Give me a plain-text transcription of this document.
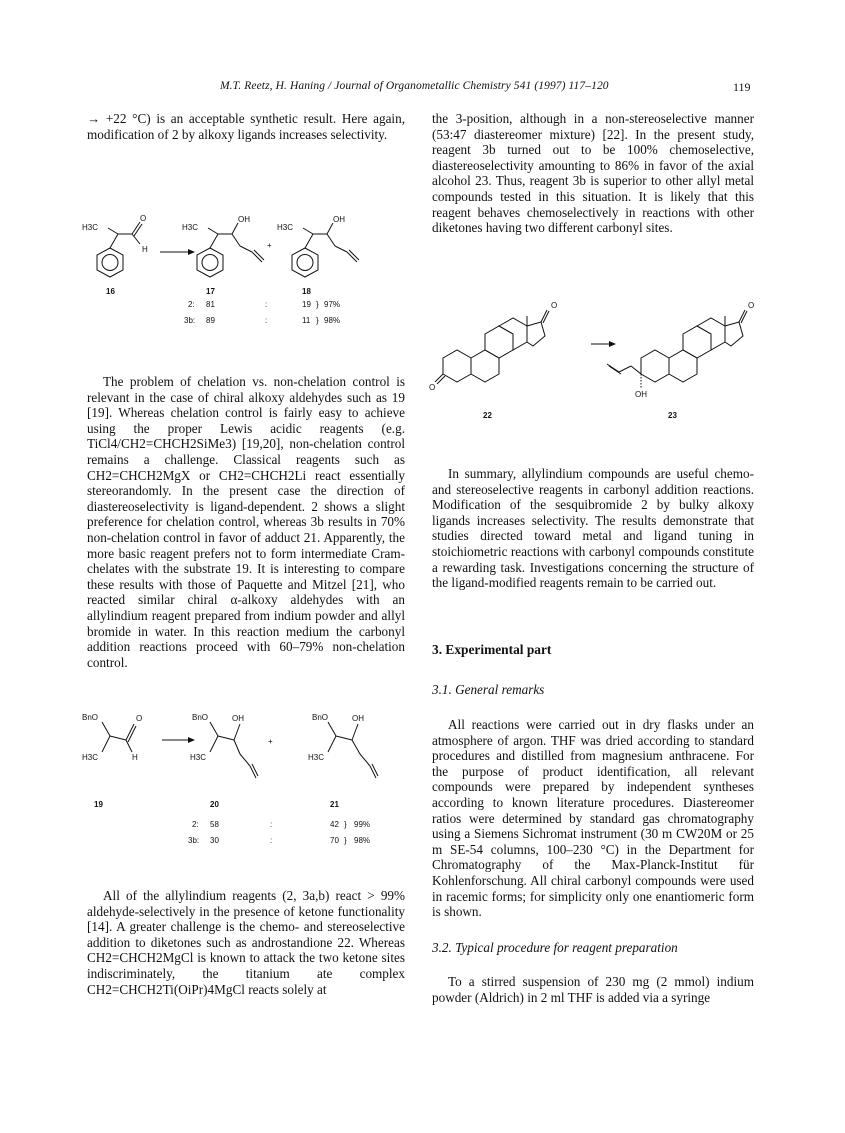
M.T. Reetz, H. Haning / Journal of Organometallic Chemistry 541 (1997) 117–120	119

→ +22 °C) is an acceptable synthetic result. Here again, modification of 2 by alkoxy ligands increases selectivity.

H3C
O
H
H3C
OH
+
H3C
OH
16	17	18
2: 81	:	19 } 97%
3b: 89	:	11 } 98%

The problem of chelation vs. non-chelation control is relevant in the case of chiral alkoxy aldehydes such as 19 [19]. Whereas chelation control is fairly easy to achieve using the proper Lewis acidic reagents (e.g. TiCl4/CH2=CHCH2SiMe3) [19,20], non-chelation control remains a challenge. Classical reagents such as CH2=CHCH2MgX or CH2=CHCH2Li react essentially stereorandomly. In the present case the direction of diastereoselectivity is ligand-dependent. 2 shows a slight preference for chelation control, whereas 3b results in 70% non-chelation control in favor of adduct 21. Apparently, the more basic reagent prefers not to form intermediate Cram-chelates with the substrate 19. It is interesting to compare these results with those of Paquette and Mitzel [21], who reacted similar chiral α-alkoxy aldehydes with an allylindium reagent prepared from indium powder and allyl bromide in water. In this reaction medium the carbonyl addition reactions proceed with 60–79% non-chelation control.

BnO	O
H3C	H
BnO	OH
H3C
+
BnO	OH
H3C
19	20	21
2: 58	:	42 } 99%
3b: 30	:	70 } 98%

All of the allylindium reagents (2, 3a,b) react > 99% aldehyde-selectively in the presence of ketone functionality [14]. A greater challenge is the chemo- and stereoselective addition to diketones such as androstandione 22. Whereas CH2=CHCH2MgCl is known to attack the two ketone sites indiscriminately, the titanium ate complex CH2=CHCH2Ti(OiPr)4MgCl reacts solely at

the 3-position, although in a non-stereoselective manner (53:47 diastereomer mixture) [22]. In the present study, reagent 3b turned out to be 100% chemoselective, diastereoselectivity amounting to 86% in favor of the axial alcohol 23. Thus, reagent 3b is superior to other allyl metal compounds tested in this situation. It is likely that this reagent behaves chemoselectively in reactions with other diketones having two different carbonyl sites.

O
O
O
OH
22	23

In summary, allylindium compounds are useful chemo- and stereoselective reagents in carbonyl addition reactions. Modification of the sesquibromide 2 by bulky alkoxy ligands increases selectivity. The results demonstrate that studies directed toward metal and ligand tuning in stoichiometric reactions with carbonyl compounds constitute a rewarding task. Investigations concerning the structure of the ligand-modified reagents remain to be carried out.

3. Experimental part
3.1. General remarks

All reactions were carried out in dry flasks under an atmosphere of argon. THF was dried according to standard procedures and distilled from magnesium anthracene. For the purpose of product identification, all relevant compounds were prepared by independent syntheses according to known literature procedures. Diastereomer ratios were determined by standard gas chromatography using a Siemens Sichromat instrument (30 m CW20M or 25 m SE-54 columns, 100–230 °C) in the Department for Chromatography of the Max-Planck-Institut für Kohlenforschung. All chiral carbonyl compounds were used in racemic forms; for simplicity only one enantiomeric form is shown.

3.2. Typical procedure for reagent preparation

To a stirred suspension of 230 mg (2 mmol) indium powder (Aldrich) in 2 ml THF is added via a syringe
